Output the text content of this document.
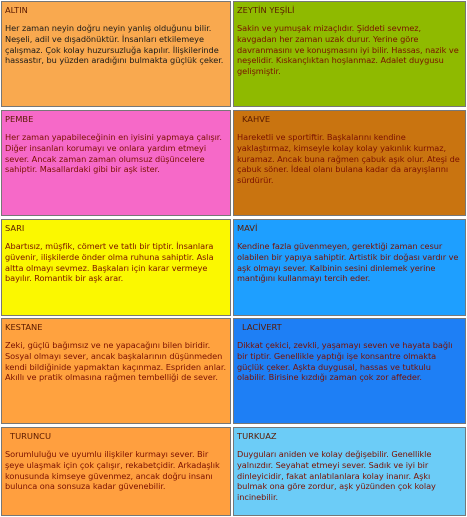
ALTIN
Her zaman neyin doğru neyin yanlış olduğunu bilir. Neşeli, adil ve dışadönüktür. İnsanları etkilemeye çalışmaz. Çok kolay huzursuzluğa kapılır. İlişkilerinde hassastır, bu yüzden aradığını bulmakta güçlük çeker.
ZEYTİN YEŞİLİ
Sakin ve yumuşak mizaçlıdır. Şiddeti sevmez, kavgadan her zaman uzak durur. Yerine göre davranmasını ve konuşmasını iyi bilir. Hassas, nazik ve neşelidir. Kıskançlıktan hoşlanmaz. Adalet duygusu gelişmiştir.
PEMBE
Her zaman yapabileceğinin en iyisini yapmaya çalışır. Diğer insanları korumayı ve onlara yardım etmeyi sever. Ancak zaman zaman olumsuz düşüncelere sahiptir. Masallardaki gibi bir aşk ister.
KAHVE
Hareketli ve sportiftir. Başkalarını kendine yaklaştırmaz, kimseyle kolay kolay yakınlık kurmaz, kuramaz. Ancak buna rağmen çabuk aşık olur. Ateşi de çabuk söner. İdeal olanı bulana kadar da arayışlarını sürdürür.
SARI
Abartısız, müşfik, cömert ve tatlı bir tiptir. İnsanlara güvenir, ilişkilerde önder olma ruhuna sahiptir. Asla altta olmayı sevmez. Başkaları için karar vermeye bayılır. Romantik bir aşk arar.
MAVİ
Kendine fazla güvenmeyen, gerektiği zaman cesur olabilen bir yapıya sahiptir. Artistik bir doğası vardır ve aşk olmayı sever. Kalbinin sesini dinlemek yerine mantığını kullanmayı tercih eder.
KESTANE
Zeki, güçlü bağımsız ve ne yapacağını bilen biridir. Sosyal olmayı sever, ancak başkalarının düşünmeden kendi bildiğinide yapmaktan kaçınmaz. Espriden anlar. Akıllı ve pratik olmasına rağmen tembelliği de sever.
LACİVERT
Dikkat çekici, zevkli, yaşamayı seven ve hayata bağlı bir tiptir. Genellikle yaptığı işe konsantre olmakta güçlük çeker. Aşkta duygusal, hassas ve tutkulu olabilir. Birisine kızdığı zaman çok zor affeder.
TURUNCU
Sorumluluğu ve uyumlu ilişkiler kurmayı sever. Bir şeye ulaşmak için çok çalışır, rekabetçidir. Arkadaşlık konusunda kimseye güvenmez, ancak doğru insanı bulunca ona sonsuza kadar güvenebilir.
TURKUAZ
Duyguları aniden ve kolay değişebilir. Genellikle yalnızdır. Seyahat etmeyi sever. Sadık ve iyi bir dinleyicidir, fakat anlatılanlara kolay inanır. Aşkı bulmak ona göre zordur, aşk yüzünden çok kolay incinebilir.
